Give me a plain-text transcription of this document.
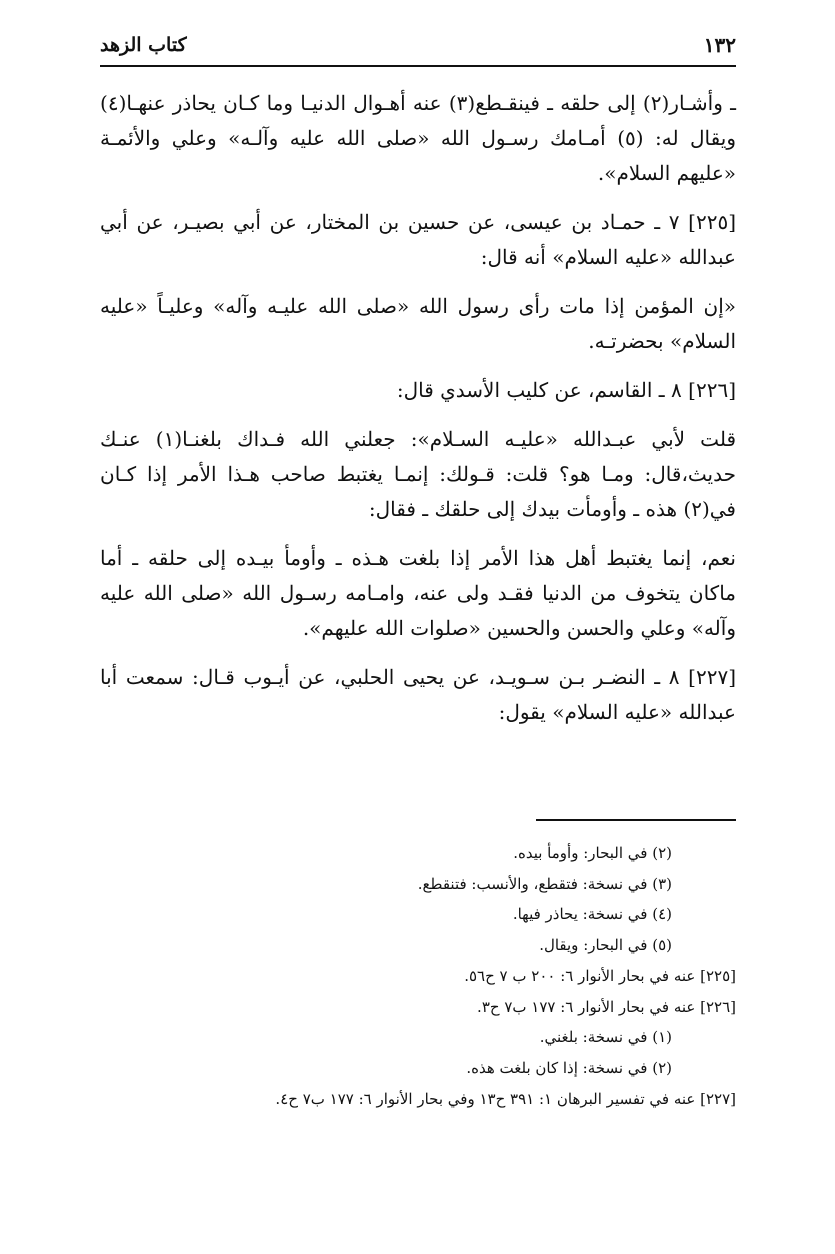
١٣٢
كتاب الزهد

ـ وأشـار(٢) إلى حلقه ـ فينقـطع(٣) عنه أهـوال الدنيـا وما كـان يحاذر عنهـا(٤) ويقال له: (٥) أمـامك رسـول الله «صلى الله عليه وآلـه» وعلي والأئمـة «عليهم السلام».

[٢٢٥] ٧ ـ حمـاد بن عيسى، عن حسين بن المختار، عن أبي بصيـر، عن أبي عبدالله «عليه السلام» أنه قال:

«إن المؤمن إذا مات رأى رسول الله «صلى الله عليـه وآله» وعليـاً «عليه السلام» بحضرتـه.

[٢٢٦] ٨ ـ القاسم، عن كليب الأسدي قال:

قلت لأبي عبـدالله «عليـه السـلام»: جعلني الله فـداك بلغنـا(١) عنـك حديث،قال: ومـا هو؟ قلت: قـولك: إنمـا يغتبط صاحب هـذا الأمر إذا كـان في(٢) هذه ـ وأومأت بيدك إلى حلقك ـ فقال:

نعم، إنما يغتبط أهل هذا الأمر إذا بلغت هـذه ـ وأومأ بيـده إلى حلقه ـ أما ماكان يتخوف من الدنيا فقـد ولى عنه، وامـامه رسـول الله «صلى الله عليه وآله» وعلي والحسن والحسين «صلوات الله عليهم».

[٢٢٧] ٨ ـ النضـر بـن سـويـد، عن يحيى الحلبي، عن أيـوب قـال: سمعت أبا عبدالله «عليه السلام» يقول:

(٢) في البحار: وأومأ بيده.
(٣) في نسخة: فتقطع، والأنسب: فتنقطع.
(٤) في نسخة: يحاذر فيها.
(٥) في البحار: ويقال.
[٢٢٥] عنه في بحار الأنوار ٦: ٢٠٠ ب ٧ ح٥٦.
[٢٢٦] عنه في بحار الأنوار ٦: ١٧٧ ب٧ ح٣.
(١) في نسخة: بلغني.
(٢) في نسخة: إذا كان بلغت هذه.
[٢٢٧] عنه في تفسير البرهان ١: ٣٩١ ح١٣ وفي بحار الأنوار ٦: ١٧٧ ب٧ ح٤.
